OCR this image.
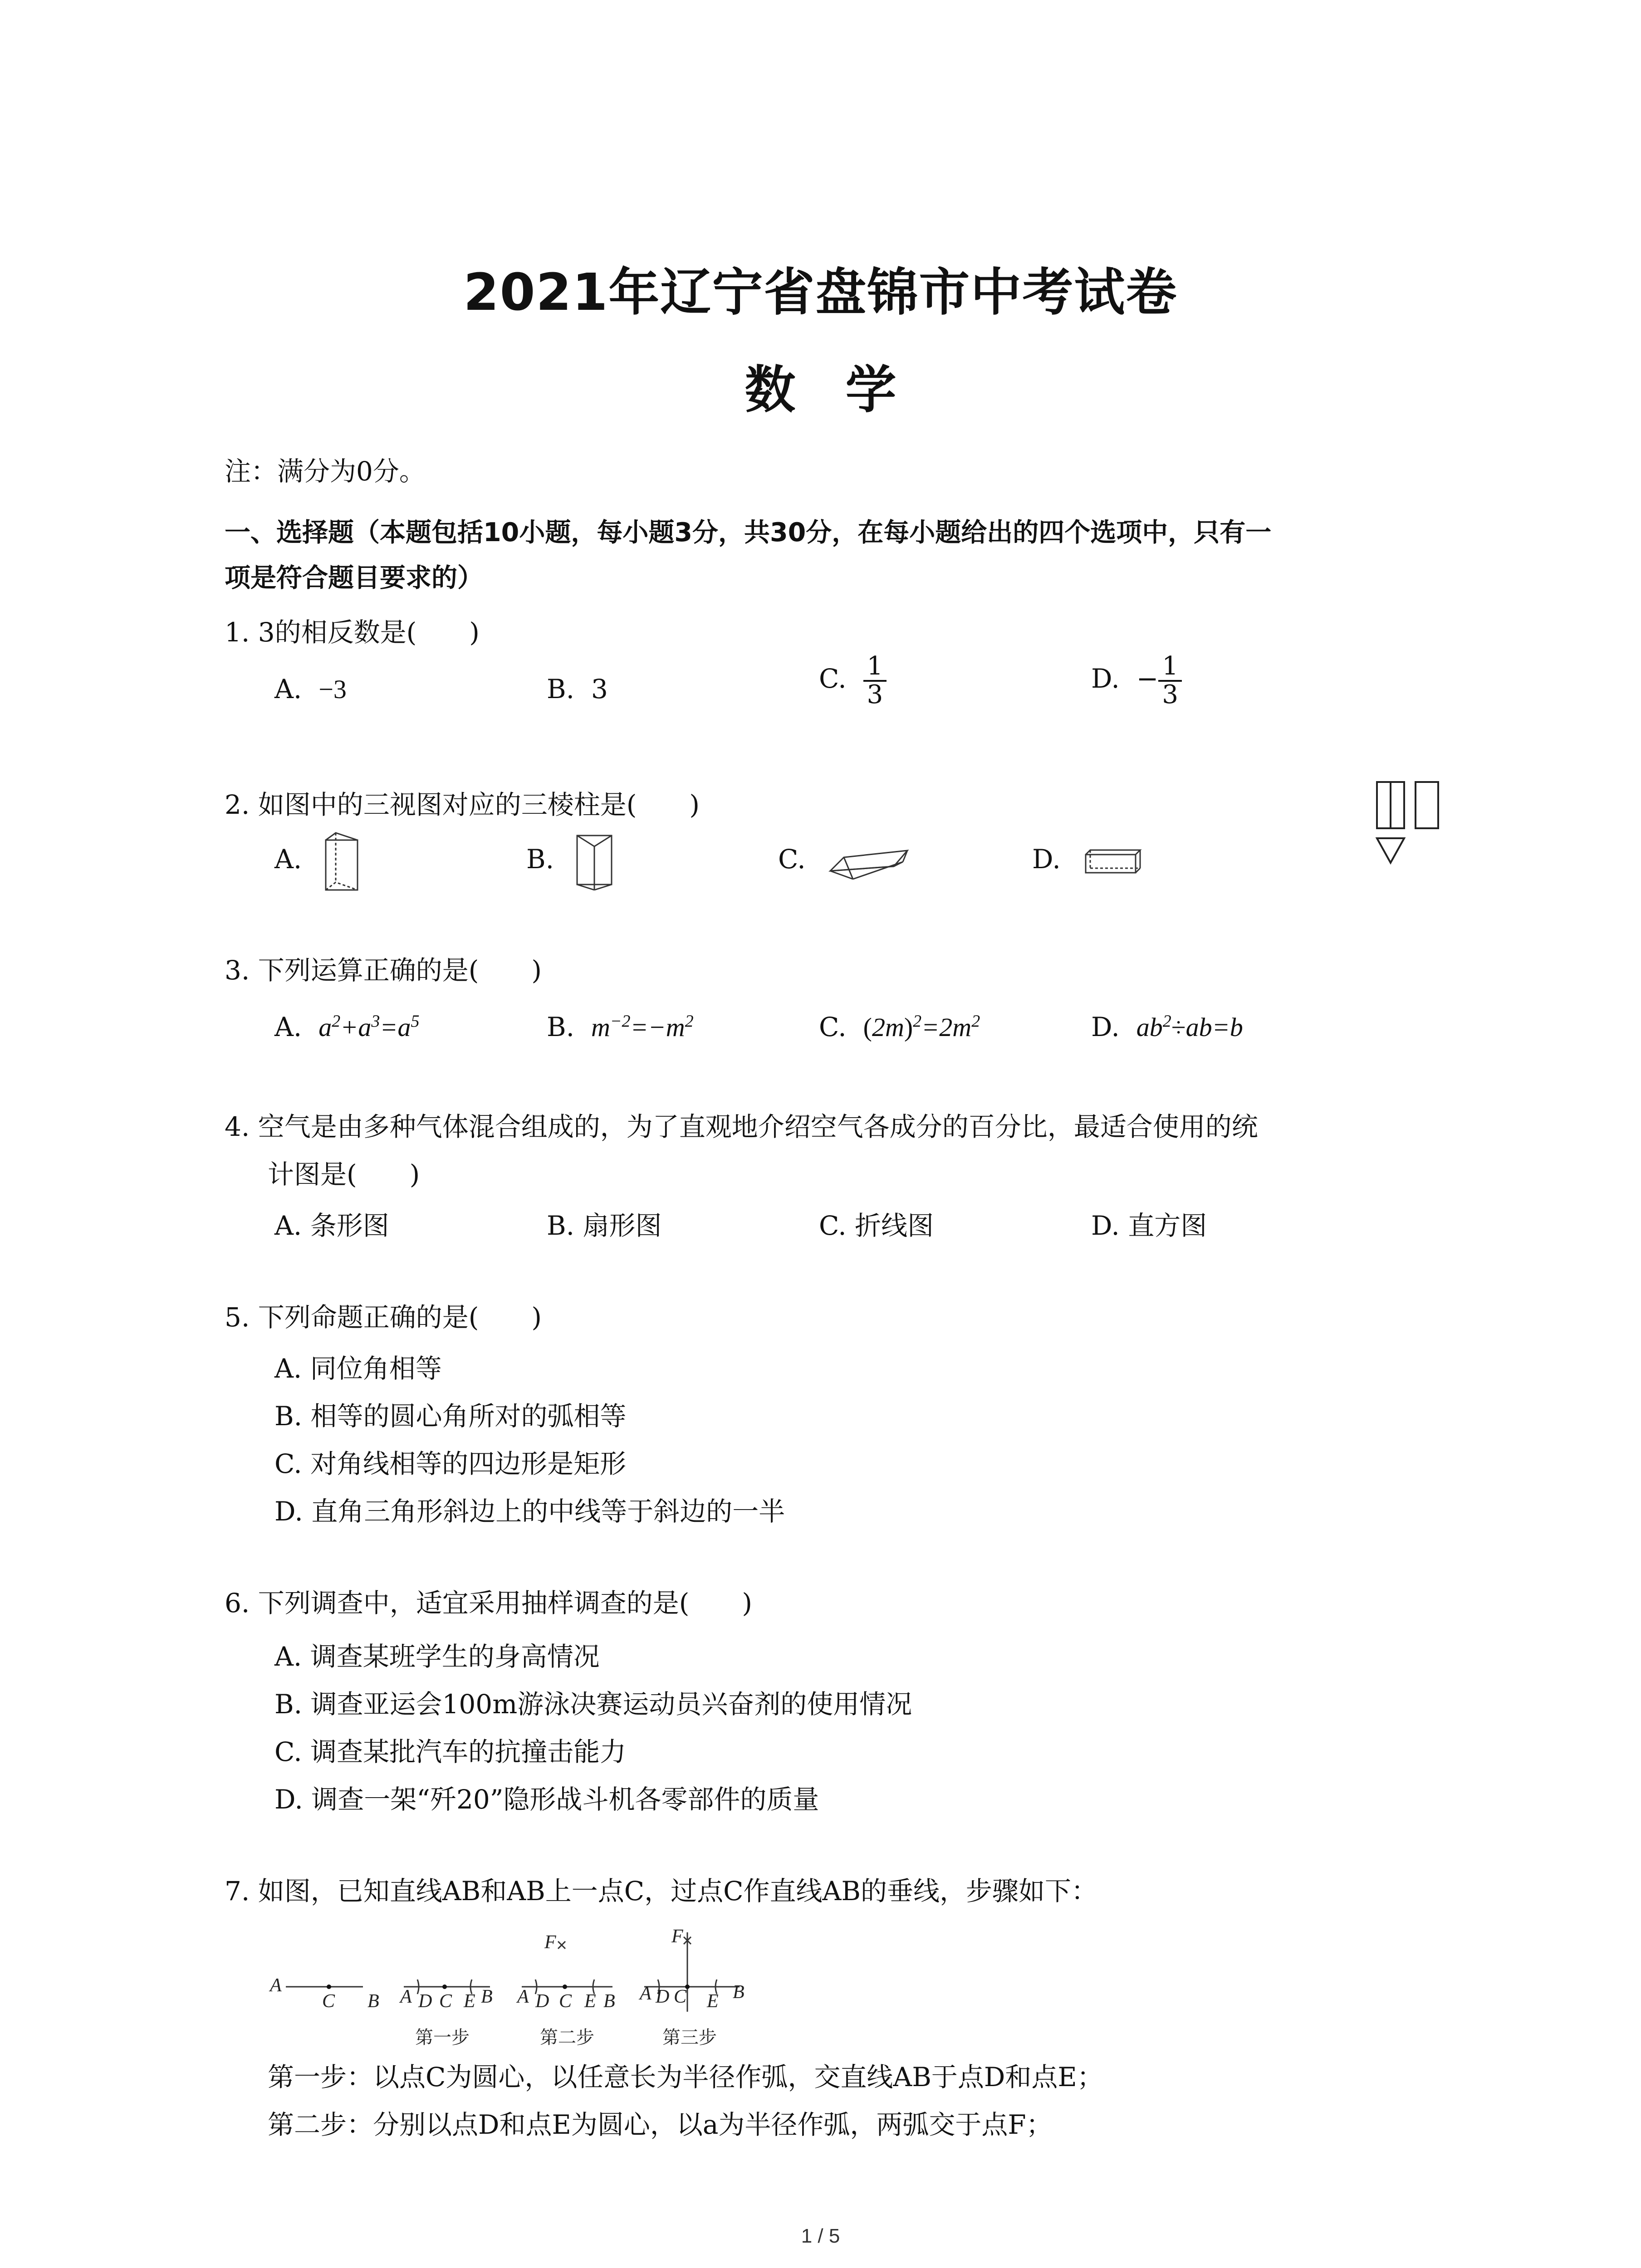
2021年辽宁省盘锦市中考试卷
数学
注：满分为0分。
一、选择题（本题包括10小题，每小题3分，共30分，在每小题给出的四个选项中，只有一
项是符合题目要求的）
1. 3的相反数是(　　)
A. −3	B. 3	C. $\frac{1}{3}$	D. − $\frac{1}{3}$
2. 如图中的三视图对应的三棱柱是(　　)
A.	B.	C.	D.
3. 下列运算正确的是(　　)
A. $a^2+a^3=a^5$	B. $m^{-2}=-m^2$	C. $(2m)^2=2m^2$	D. $ab^2\div ab=b$
4. 空气是由多种气体混合组成的，为了直观地介绍空气各成分的百分比，最适合使用的统
计图是(　　)
A. 条形图	B. 扇形图	C. 折线图	D. 直方图
5. 下列命题正确的是(　　)
A. 同位角相等
B. 相等的圆心角所对的弧相等
C. 对角线相等的四边形是矩形
D. 直角三角形斜边上的中线等于斜边的一半
6. 下列调查中，适宜采用抽样调查的是(　　)
A. 调查某班学生的身高情况
B. 调查亚运会100m游泳决赛运动员兴奋剂的使用情况
C. 调查某批汽车的抗撞击能力
D. 调查一架“歼20”隐形战斗机各零部件的质量
7. 如图，已知直线AB和AB上一点C，过点C作直线AB的垂线，步骤如下：
A
C B A D C E B A D C E B
F
A D C E B
F
第一步	第二步	第三步
第一步：以点C为圆心，以任意长为半径作弧，交直线AB于点D和点E；
第二步：分别以点D和点E为圆心，以a为半径作弧，两弧交于点F；
1 / 5
